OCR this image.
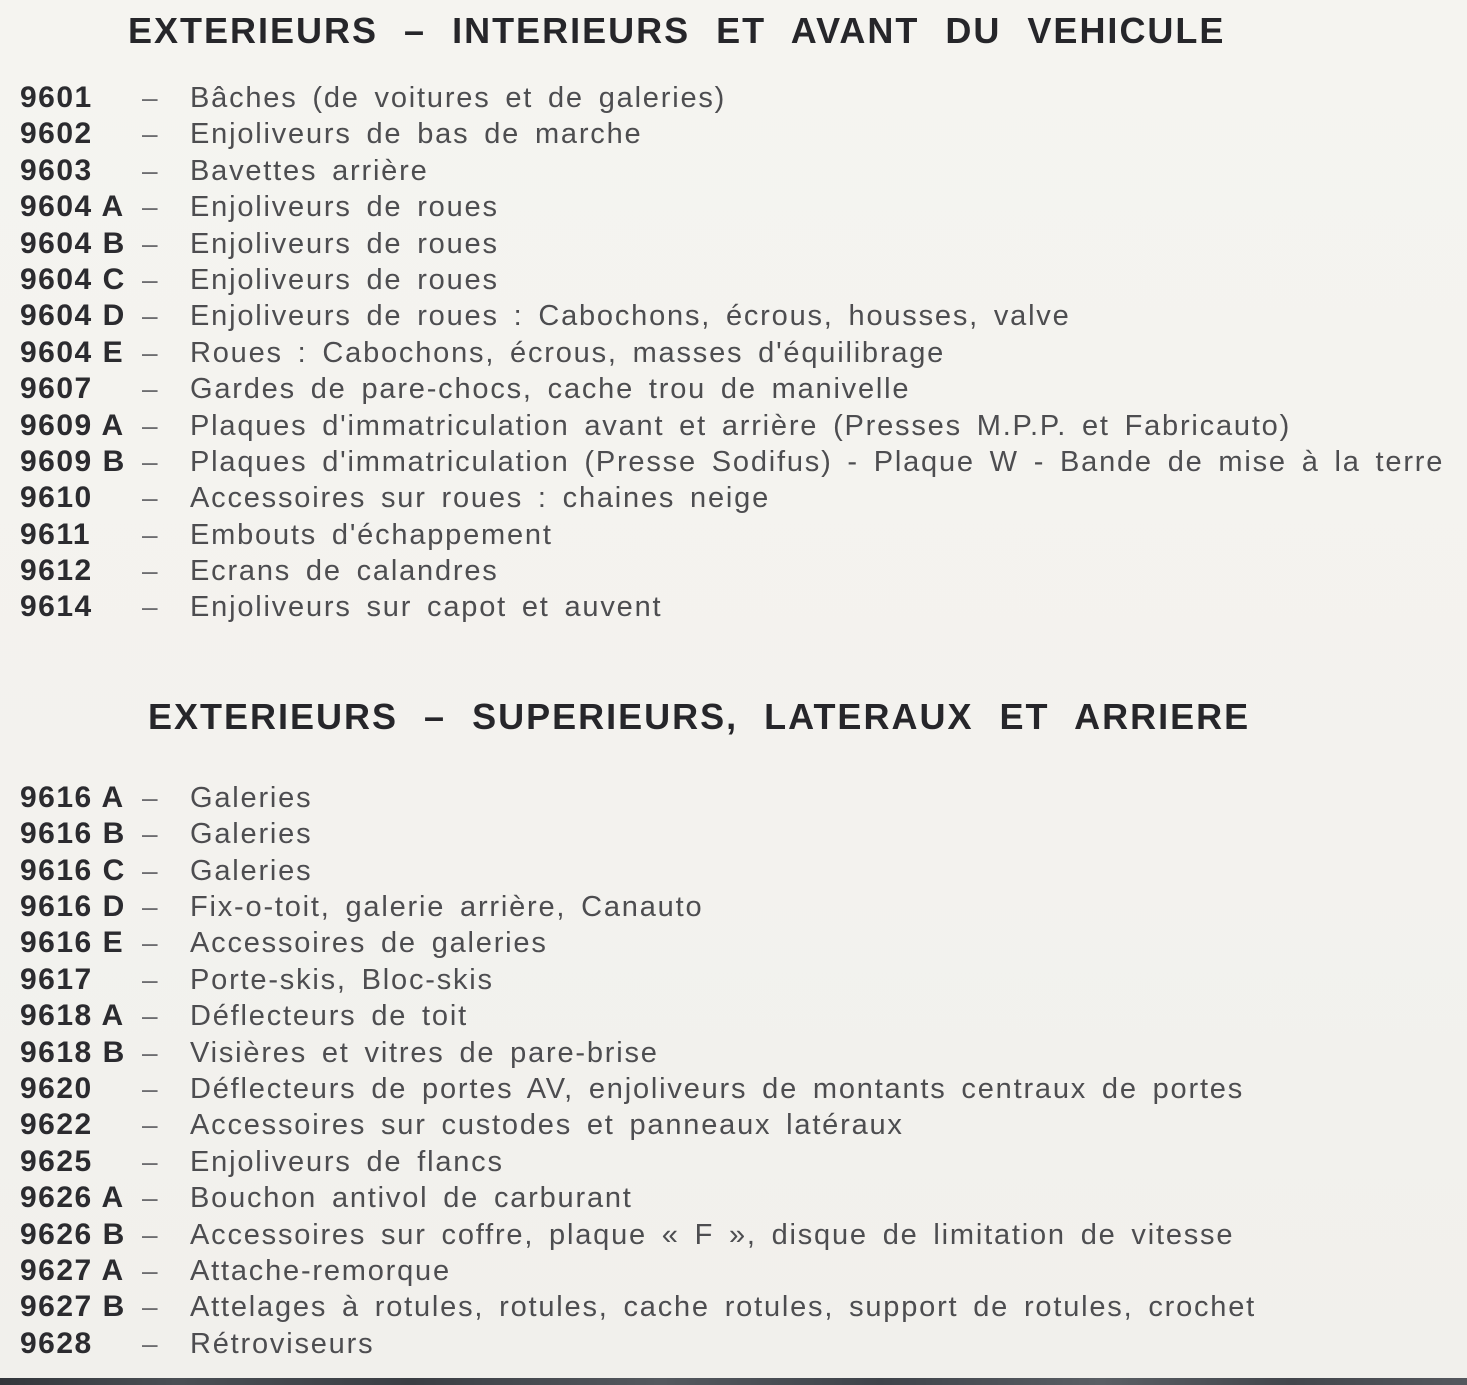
EXTERIEURS – INTERIEURS ET AVANT DU VEHICULE
9601	–	Bâches (de voitures et de galeries)
9602	–	Enjoliveurs de bas de marche
9603	–	Bavettes arrière
9604 A –	Enjoliveurs de roues
9604 B –	Enjoliveurs de roues
9604 C –	Enjoliveurs de roues
9604 D –	Enjoliveurs de roues : Cabochons, écrous, housses, valve
9604 E –	Roues : Cabochons, écrous, masses d'équilibrage
9607	–	Gardes de pare-chocs, cache trou de manivelle
9609 A –	Plaques d'immatriculation avant et arrière (Presses M.P.P. et Fabricauto)
9609 B –	Plaques d'immatriculation (Presse Sodifus) - Plaque W - Bande de mise à la terre
9610	–	Accessoires sur roues : chaines neige
9611	–	Embouts d'échappement
9612	–	Ecrans de calandres
9614	–	Enjoliveurs sur capot et auvent
EXTERIEURS – SUPERIEURS, LATERAUX ET ARRIERE
9616 A –	Galeries
9616 B –	Galeries
9616 C –	Galeries
9616 D –	Fix-o-toit, galerie arrière, Canauto
9616 E –	Accessoires de galeries
9617	–	Porte-skis, Bloc-skis
9618 A –	Déflecteurs de toit
9618 B –	Visières et vitres de pare-brise
9620	–	Déflecteurs de portes AV, enjoliveurs de montants centraux de portes
9622	–	Accessoires sur custodes et panneaux latéraux
9625	–	Enjoliveurs de flancs
9626 A –	Bouchon antivol de carburant
9626 B –	Accessoires sur coffre, plaque « F », disque de limitation de vitesse
9627 A –	Attache-remorque
9627 B –	Attelages à rotules, rotules, cache rotules, support de rotules, crochet
9628	–	Rétroviseurs
